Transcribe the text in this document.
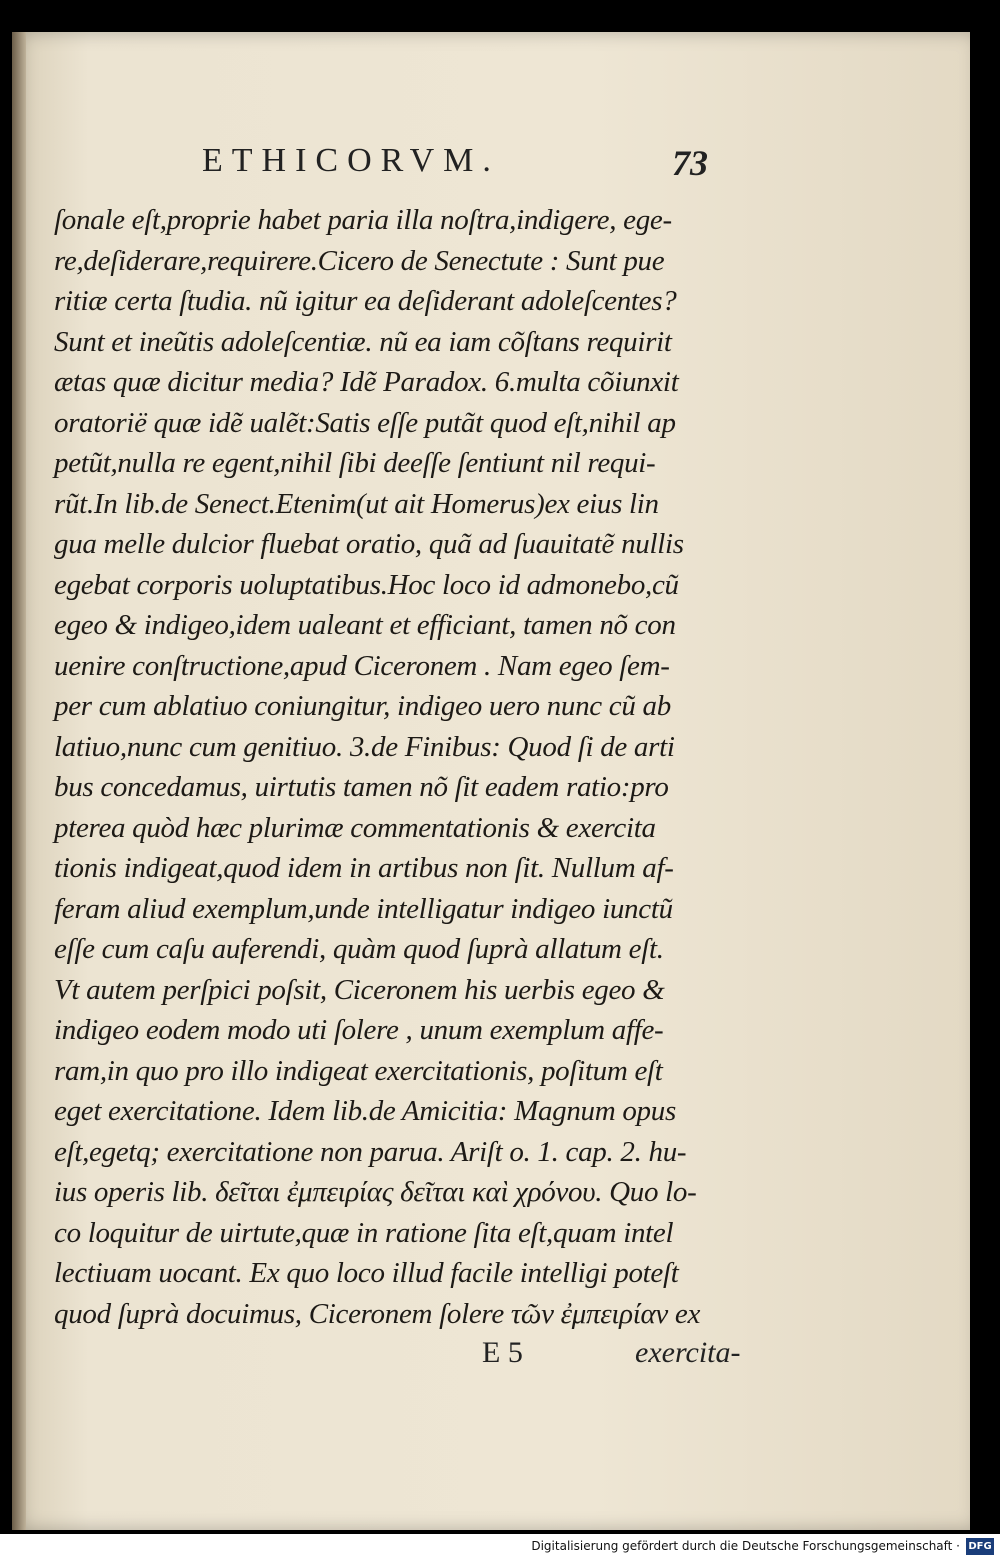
ETHICORVM.	73
ſonale eſt,proprie habet paria illa noſtra,indigere, ege-
re,deſiderare,requirere.Cicero de Senectute : Sunt pue
ritiæ certa ſtudia. nũ igitur ea deſiderant adoleſcentes?
Sunt et ineũtis adoleſcentiæ. nũ ea iam cõſtans requirit
ætas quæ dicitur media? Idẽ Paradox. 6.multa cõiunxit
oratorië quæ idẽ ualẽt:Satis eſſe putãt quod eſt,nihil ap
petũt,nulla re egent,nihil ſibi deeſſe ſentiunt nil requi-
rũt.In lib.de Senect.Etenim(ut ait Homerus)ex eius lin
gua melle dulcior fluebat oratio, quã ad ſuauitatẽ nullis
egebat corporis uoluptatibus.Hoc loco id admonebo,cũ
egeo & indigeo,idem ualeant et efficiant, tamen nõ con
uenire conſtructione,apud Ciceronem . Nam egeo ſem-
per cum ablatiuo coniungitur, indigeo uero nunc cũ ab
latiuo,nunc cum genitiuo. 3.de Finibus: Quod ſi de arti
bus concedamus, uirtutis tamen nõ ſit eadem ratio:pro
pterea quòd hæc plurimæ commentationis & exercita
tionis indigeat,quod idem in artibus non ſit. Nullum af-
feram aliud exemplum,unde intelligatur indigeo iunctũ
eſſe cum caſu auferendi, quàm quod ſuprà allatum eſt.
Vt autem perſpici poſsit, Ciceronem his uerbis egeo &
indigeo eodem modo uti ſolere , unum exemplum affe-
ram,in quo pro illo indigeat exercitationis, poſitum eſt
eget exercitatione. Idem lib.de Amicitia: Magnum opus
eſt,egetq; exercitatione non parua. Ariſt o. 1. cap. 2. hu-
ius operis lib. δεῖται ἐμπειρίας δεῖται καὶ χρόνου. Quo lo-
co loquitur de uirtute,quæ in ratione ſita eſt,quam intel
lectiuam uocant. Ex quo loco illud facile intelligi poteſt
quod ſuprà docuimus, Ciceronem ſolere τῶν ἐμπειρίαν ex
E 5	exercita-
Digitalisierung gefördert durch die Deutsche Forschungsgemeinschaft · DFG
